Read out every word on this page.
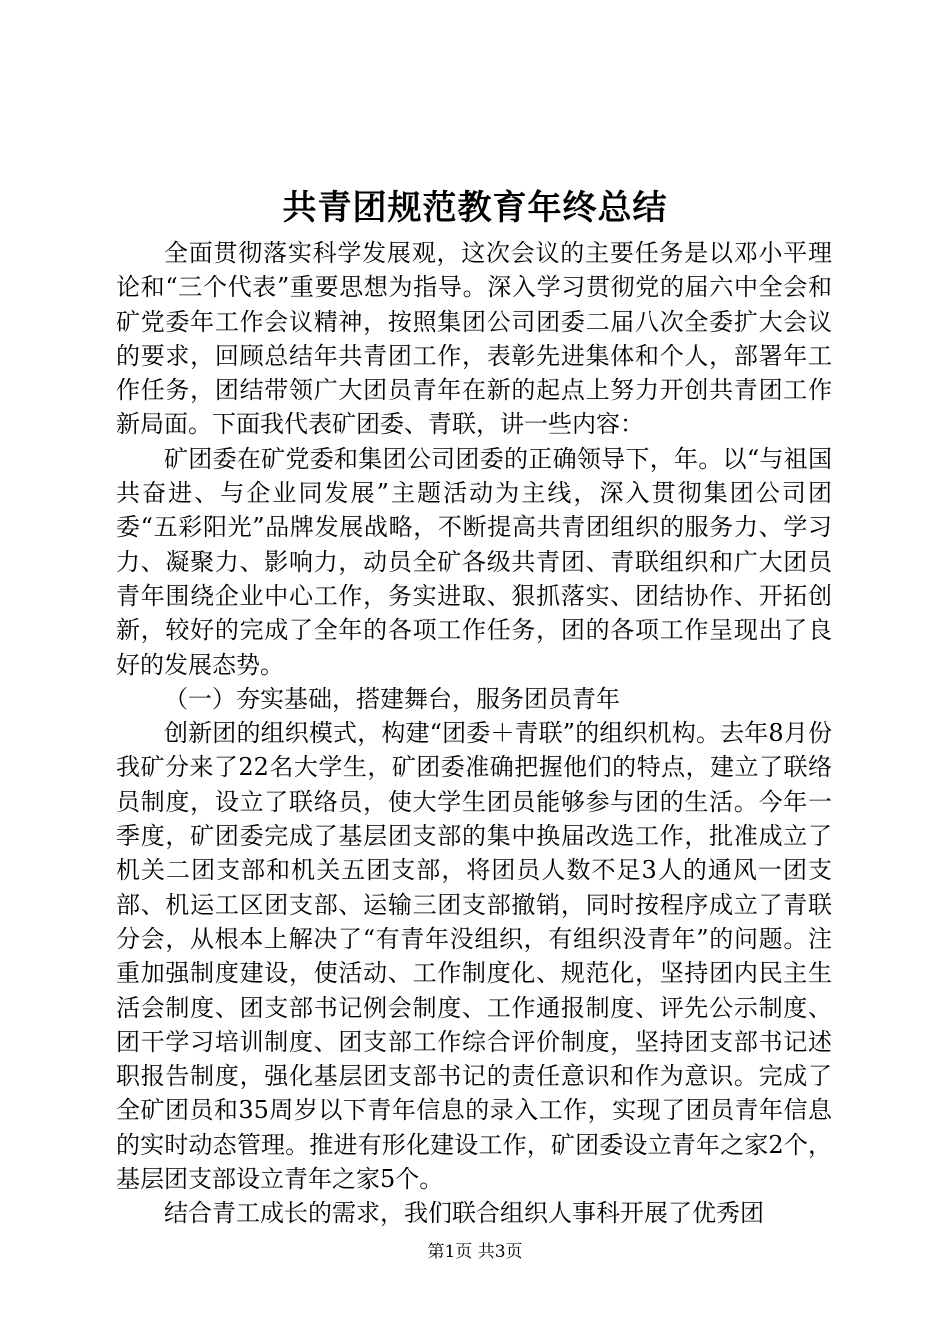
共青团规范教育年终总结

全面贯彻落实科学发展观，这次会议的主要任务是以邓小平理论和“三个代表”重要思想为指导。深入学习贯彻党的届六中全会和矿党委年工作会议精神，按照集团公司团委二届八次全委扩大会议的要求，回顾总结年共青团工作，表彰先进集体和个人，部署年工作任务，团结带领广大团员青年在新的起点上努力开创共青团工作新局面。下面我代表矿团委、青联，讲一些内容：

矿团委在矿党委和集团公司团委的正确领导下，年。以“与祖国共奋进、与企业同发展”主题活动为主线，深入贯彻集团公司团委“五彩阳光”品牌发展战略，不断提高共青团组织的服务力、学习力、凝聚力、影响力，动员全矿各级共青团、青联组织和广大团员青年围绕企业中心工作，务实进取、狠抓落实、团结协作、开拓创新，较好的完成了全年的各项工作任务，团的各项工作呈现出了良好的发展态势。

（一）夯实基础，搭建舞台，服务团员青年

创新团的组织模式，构建“团委＋青联”的组织机构。去年8月份我矿分来了22名大学生，矿团委准确把握他们的特点，建立了联络员制度，设立了联络员，使大学生团员能够参与团的生活。今年一季度，矿团委完成了基层团支部的集中换届改选工作，批准成立了机关二团支部和机关五团支部，将团员人数不足3人的通风一团支部、机运工区团支部、运输三团支部撤销，同时按程序成立了青联分会，从根本上解决了“有青年没组织，有组织没青年”的问题。注重加强制度建设，使活动、工作制度化、规范化，坚持团内民主生活会制度、团支部书记例会制度、工作通报制度、评先公示制度、团干学习培训制度、团支部工作综合评价制度，坚持团支部书记述职报告制度，强化基层团支部书记的责任意识和作为意识。完成了全矿团员和35周岁以下青年信息的录入工作，实现了团员青年信息的实时动态管理。推进有形化建设工作，矿团委设立青年之家2个，基层团支部设立青年之家5个。

结合青工成长的需求，我们联合组织人事科开展了优秀团

第1页 共3页
